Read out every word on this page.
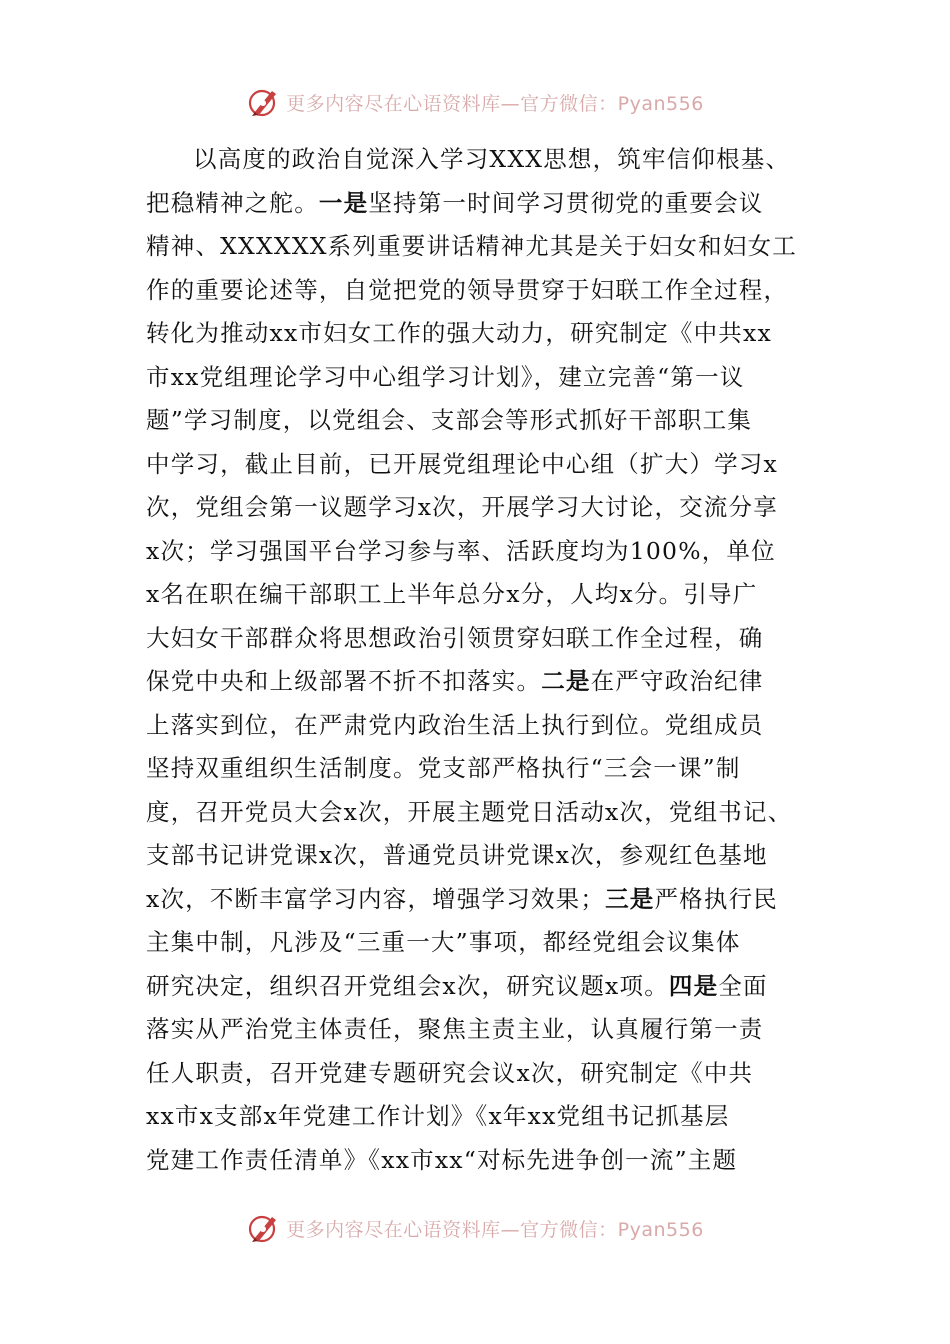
更多内容尽在心语资料库—官方微信：Pyan556
以高度的政治自觉深入学习XXX思想，筑牢信仰根基、
把稳精神之舵。一是坚持第一时间学习贯彻党的重要会议
精神、XXXXXX系列重要讲话精神尤其是关于妇女和妇女工
作的重要论述等，自觉把党的领导贯穿于妇联工作全过程，
转化为推动xx市妇女工作的强大动力，研究制定《中共xx
市xx党组理论学习中心组学习计划》，建立完善“第一议
题”学习制度，以党组会、支部会等形式抓好干部职工集
中学习，截止目前，已开展党组理论中心组（扩大）学习x
次，党组会第一议题学习x次，开展学习大讨论，交流分享
x次；学习强国平台学习参与率、活跃度均为100%，单位
x名在职在编干部职工上半年总分x分，人均x分。引导广
大妇女干部群众将思想政治引领贯穿妇联工作全过程，确
保党中央和上级部署不折不扣落实。二是在严守政治纪律
上落实到位，在严肃党内政治生活上执行到位。党组成员
坚持双重组织生活制度。党支部严格执行“三会一课”制
度，召开党员大会x次，开展主题党日活动x次，党组书记、
支部书记讲党课x次，普通党员讲党课x次，参观红色基地
x次，不断丰富学习内容，增强学习效果；三是严格执行民
主集中制，凡涉及“三重一大”事项，都经党组会议集体
研究决定，组织召开党组会x次，研究议题x项。四是全面
落实从严治党主体责任，聚焦主责主业，认真履行第一责
任人职责，召开党建专题研究会议x次，研究制定《中共
xx市x支部x年党建工作计划》《x年xx党组书记抓基层
党建工作责任清单》《xx市xx“对标先进争创一流”主题
更多内容尽在心语资料库—官方微信：Pyan556
